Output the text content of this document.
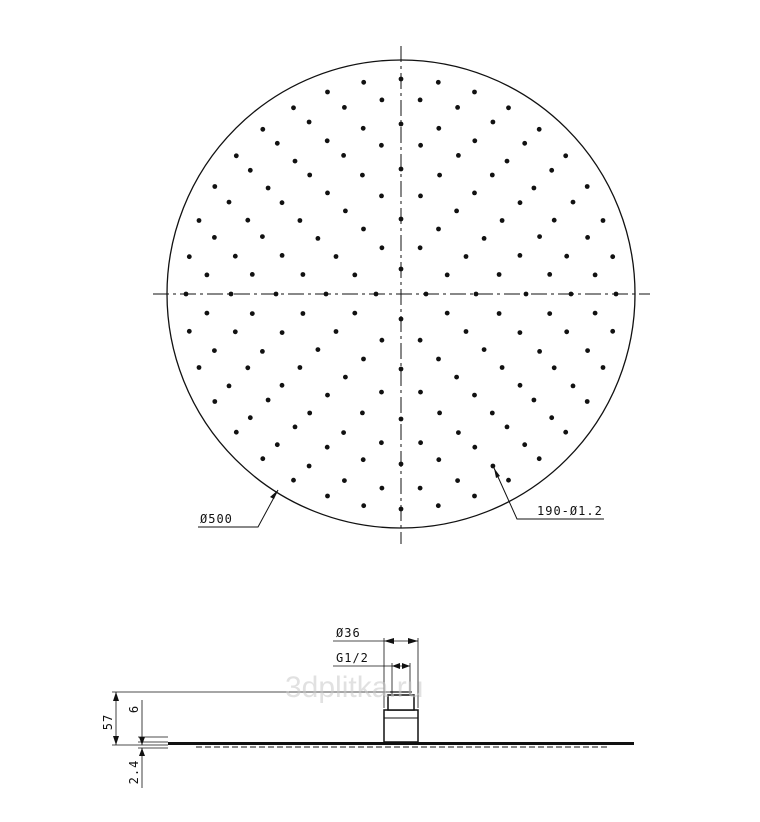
Ø500
190-Ø1.2
Ø36
G1/2
57
6
2.4
3dplitka.ru
